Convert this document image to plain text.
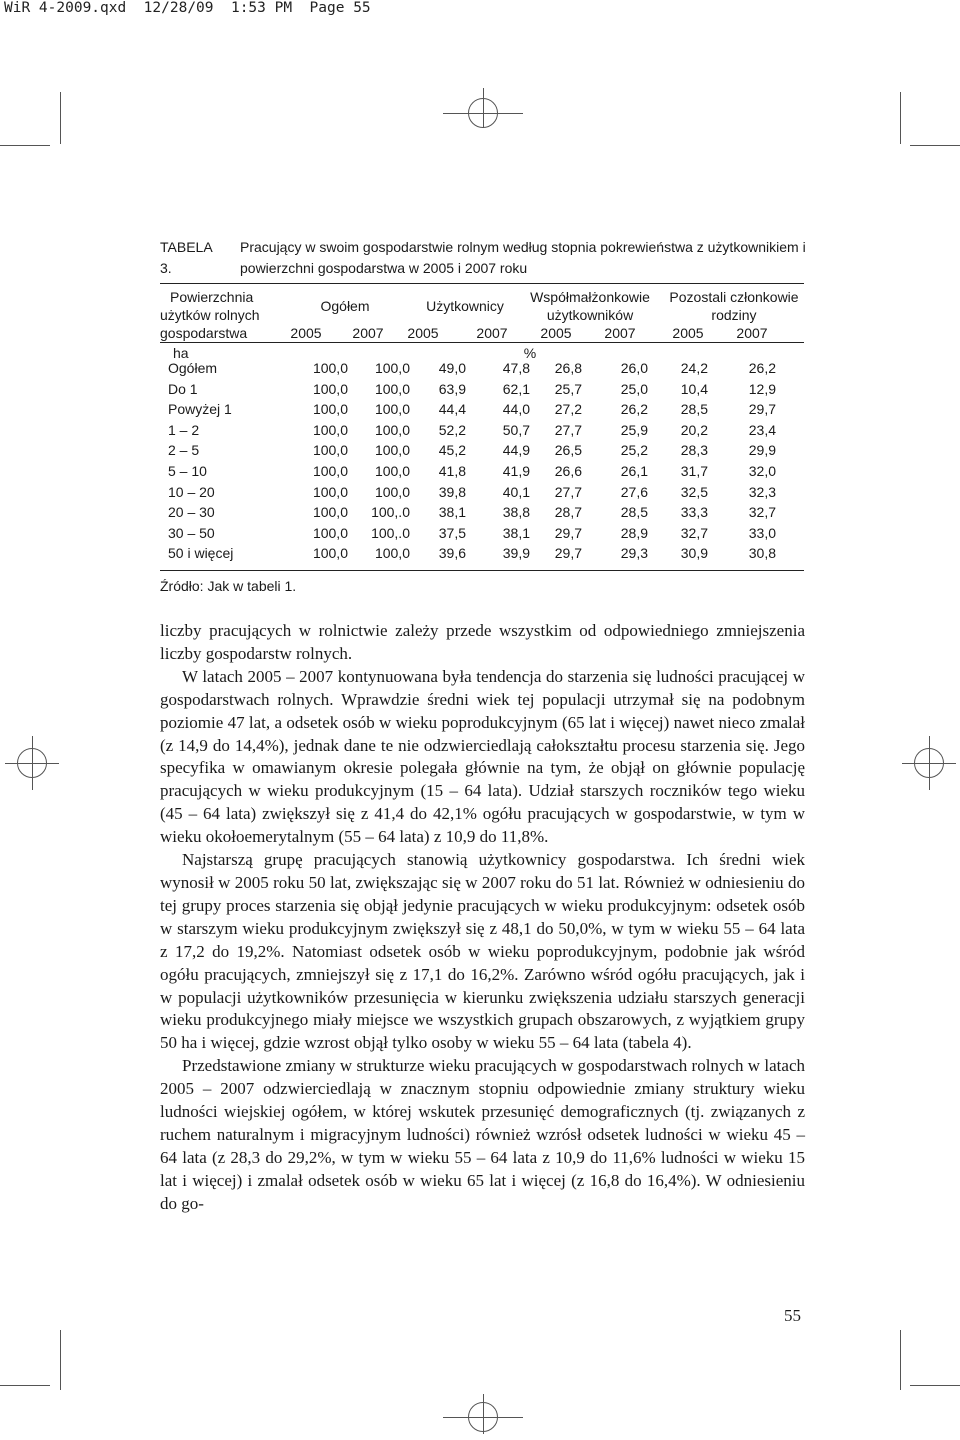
WiR 4-2009.qxd  12/28/09  1:53 PM  Page 55
TABELA 3.
Pracujący w swoim gospodarstwie rolnym według stopnia pokrewieństwa z użytkownikiem i powierzchni gospodarstwa w 2005 i 2007 roku
Powierzchnia
użytków rolnych
gospodarstwa
ha
Ogółem	Użytkownicy
Współmałżonkowie
użytkowników
Pozostali członkowie
rodziny
2005	2007	2005	2007	2005	2007	2005	2007
%
Ogółem	100,0	100,0	49,0	47,8	26,8	26,0	24,2	26,2
Do 1	100,0	100,0	63,9	62,1	25,7	25,0	10,4	12,9
Powyżej 1	100,0	100,0	44,4	44,0	27,2	26,2	28,5	29,7
1 – 2	100,0	100,0	52,2	50,7	27,7	25,9	20,2	23,4
2 – 5	100,0	100,0	45,2	44,9	26,5	25,2	28,3	29,9
5 – 10	100,0	100,0	41,8	41,9	26,6	26,1	31,7	32,0
10 – 20	100,0	100,0	39,8	40,1	27,7	27,6	32,5	32,3
20 – 30	100,0	100,.0	38,1	38,8	28,7	28,5	33,3	32,7
30 – 50	100,0	100,.0	37,5	38,1	29,7	28,9	32,7	33,0
50 i więcej	100,0	100,0	39,6	39,9	29,7	29,3	30,9	30,8
Źródło: Jak w tabeli 1.

liczby pracujących w rolnictwie zależy przede wszystkim od odpowiedniego zmniejszenia liczby gospodarstw rolnych.

W latach 2005 – 2007 kontynuowana była tendencja do starzenia się ludności pracującej w gospodarstwach rolnych. Wprawdzie średni wiek tej populacji utrzymał się na podobnym poziomie 47 lat, a odsetek osób w wieku poprodukcyjnym (65 lat i więcej) nawet nieco zmalał (z 14,9 do 14,4%), jednak dane te nie odzwierciedlają całokształtu procesu starzenia się. Jego specyfika w omawianym okresie polegała głównie na tym, że objął on głównie populację pracujących w wieku produkcyjnym (15 – 64 lata). Udział starszych roczników tego wieku (45 – 64 lata) zwiększył się z 41,4 do 42,1% ogółu pracujących w gospodarstwie, w tym w wieku okołoemerytalnym (55 – 64 lata) z 10,9 do 11,8%.

Najstarszą grupę pracujących stanowią użytkownicy gospodarstwa. Ich średni wiek wynosił w 2005 roku 50 lat, zwiększając się w 2007 roku do 51 lat. Również w odniesieniu do tej grupy proces starzenia się objął jedynie pracujących w wieku produkcyjnym: odsetek osób w starszym wieku produkcyjnym zwiększył się z 48,1 do 50,0%, w tym w wieku 55 – 64 lata z 17,2 do 19,2%. Natomiast odsetek osób w wieku poprodukcyjnym, podobnie jak wśród ogółu pracujących, zmniejszył się z 17,1 do 16,2%. Zarówno wśród ogółu pracujących, jak i w populacji użytkowników przesunięcia w kierunku zwiększenia udziału starszych generacji wieku produkcyjnego miały miejsce we wszystkich grupach obszarowych, z wyjątkiem grupy 50 ha i więcej, gdzie wzrost objął tylko osoby w wieku 55 – 64 lata (tabela 4).

Przedstawione zmiany w strukturze wieku pracujących w gospodarstwach rolnych w latach 2005 – 2007 odzwierciedlają w znacznym stopniu odpowiednie zmiany struktury wieku ludności wiejskiej ogółem, w której wskutek przesunięć demograficznych (tj. związanych z ruchem naturalnym i migracyjnym ludności) również wzrósł odsetek ludności w wieku 45 – 64 lata (z 28,3 do 29,2%, w tym w wieku 55 – 64 lata z 10,9 do 11,6% ludności w wieku 15 lat i więcej) i zmalał odsetek osób w wieku 65 lat i więcej (z 16,8 do 16,4%). W odniesieniu do go-

55
